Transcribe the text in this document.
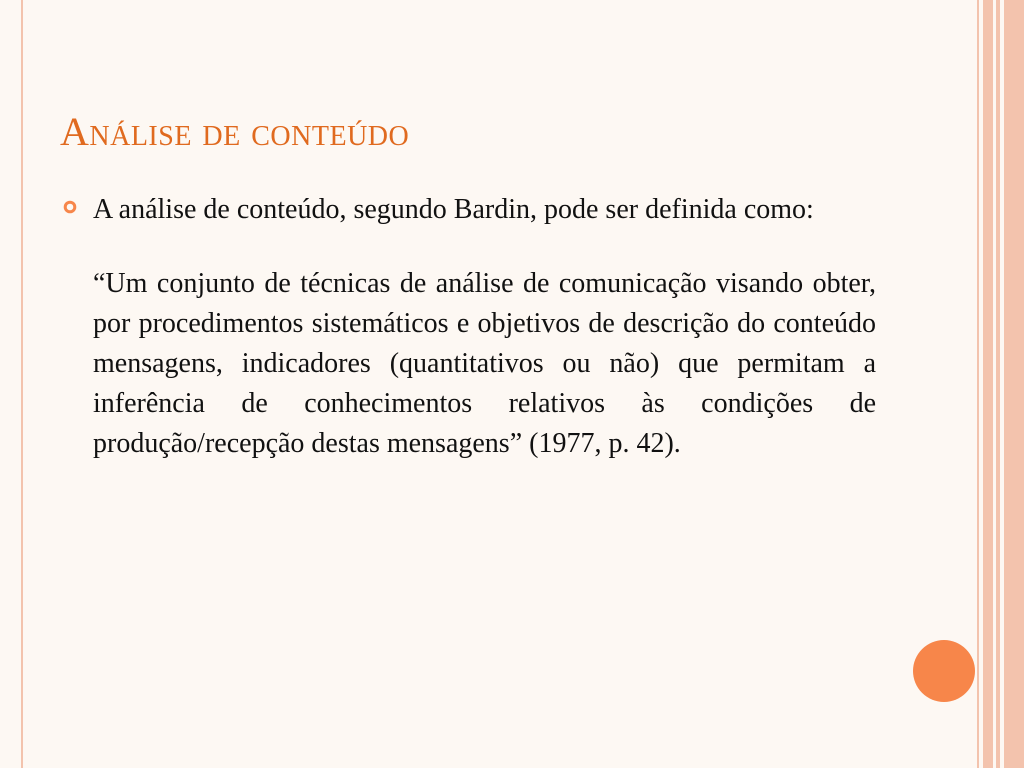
Análise de conteúdo

A análise de conteúdo, segundo Bardin, pode ser definida como:

“Um conjunto de técnicas de análise de comunicação visando obter, por procedimentos sistemáticos e objetivos de descrição do conteúdo mensagens, indicadores (quantitativos ou não) que permitam a inferência de conhecimentos relativos às condições de produção/recepção destas mensagens” (1977, p. 42).
